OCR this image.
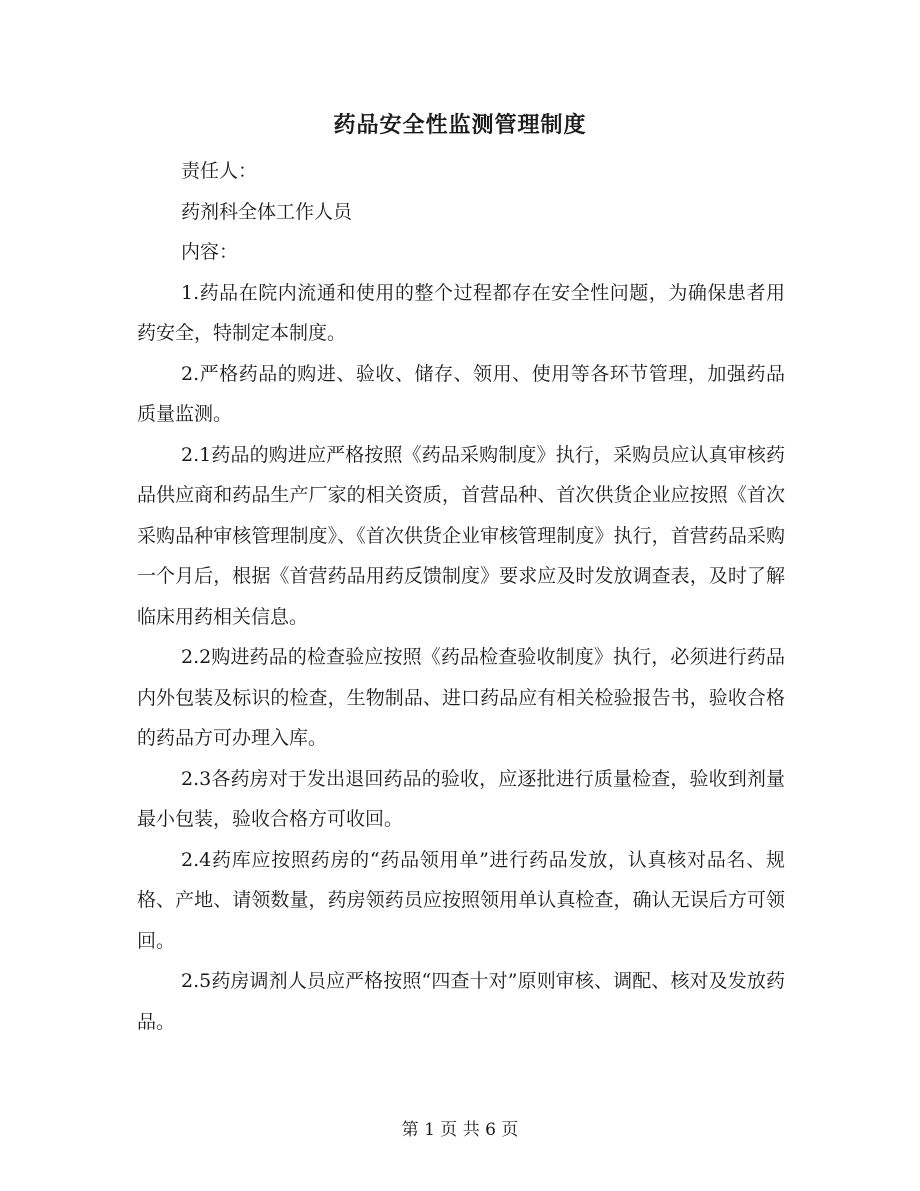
药品安全性监测管理制度

责任人：

药剂科全体工作人员

内容：

1.药品在院内流通和使用的整个过程都存在安全性问题，为确保患者用药安全，特制定本制度。

2.严格药品的购进、验收、储存、领用、使用等各环节管理，加强药品质量监测。

2.1药品的购进应严格按照《药品采购制度》执行，采购员应认真审核药品供应商和药品生产厂家的相关资质，首营品种、首次供货企业应按照《首次采购品种审核管理制度》、《首次供货企业审核管理制度》执行，首营药品采购一个月后，根据《首营药品用药反馈制度》要求应及时发放调查表，及时了解临床用药相关信息。

2.2购进药品的检查验应按照《药品检查验收制度》执行，必须进行药品内外包装及标识的检查，生物制品、进口药品应有相关检验报告书，验收合格的药品方可办理入库。

2.3各药房对于发出退回药品的验收，应逐批进行质量检查，验收到剂量最小包装，验收合格方可收回。

2.4药库应按照药房的“药品领用单”进行药品发放，认真核对品名、规格、产地、请领数量，药房领药员应按照领用单认真检查，确认无误后方可领回。

2.5药房调剂人员应严格按照“四查十对”原则审核、调配、核对及发放药品。

第 1 页 共 6 页
